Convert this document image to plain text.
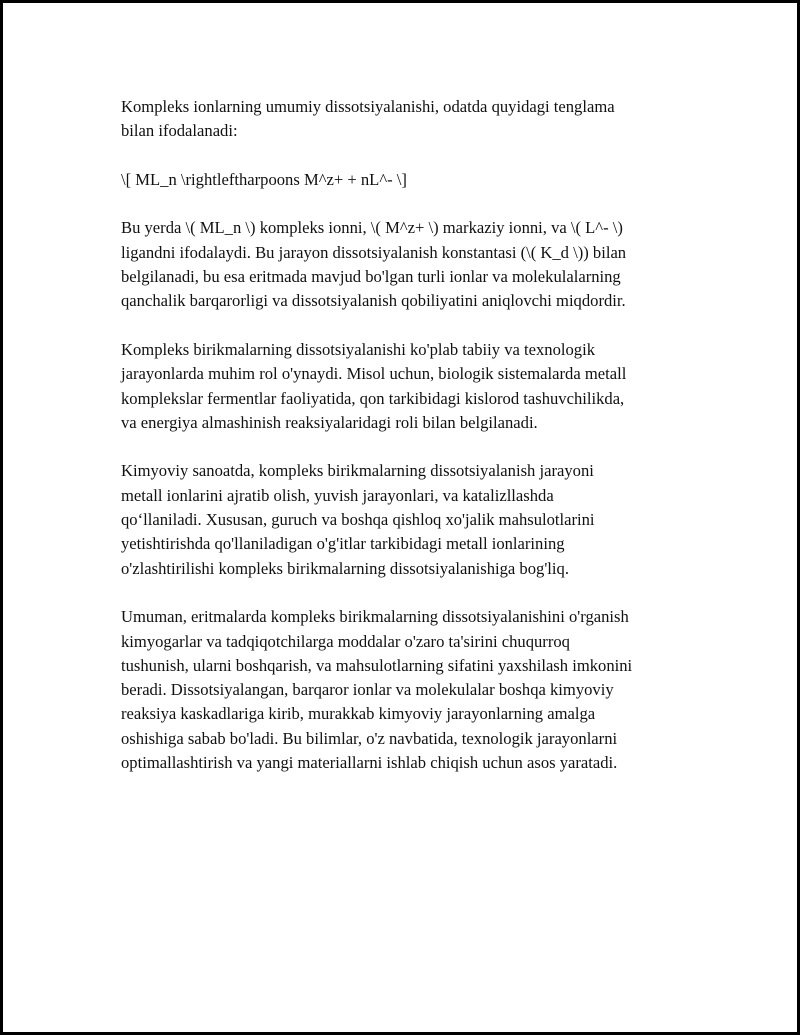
Kompleks ionlarning umumiy dissotsiyalanishi, odatda quyidagi tenglama
bilan ifodalanadi:

\[ ML_n \rightleftharpoons M^z+ + nL^- \]

Bu yerda \( ML_n \) kompleks ionni, \( M^z+ \) markaziy ionni, va \( L^- \)
ligandni ifodalaydi. Bu jarayon dissotsiyalanish konstantasi (\( K_d \)) bilan
belgilanadi, bu esa eritmada mavjud bo'lgan turli ionlar va molekulalarning
qanchalik barqarorligi va dissotsiyalanish qobiliyatini aniqlovchi miqdordir.

Kompleks birikmalarning dissotsiyalanishi ko'plab tabiiy va texnologik
jarayonlarda muhim rol o'ynaydi. Misol uchun, biologik sistemalarda metall
komplekslar fermentlar faoliyatida, qon tarkibidagi kislorod tashuvchilikda,
va energiya almashinish reaksiyalaridagi roli bilan belgilanadi.

Kimyoviy sanoatda, kompleks birikmalarning dissotsiyalanish jarayoni
metall ionlarini ajratib olish, yuvish jarayonlari, va katalizllashda
qo‘llaniladi. Xususan, guruch va boshqa qishloq xo'jalik mahsulotlarini
yetishtirishda qo'llaniladigan o'g'itlar tarkibidagi metall ionlarining
o'zlashtirilishi kompleks birikmalarning dissotsiyalanishiga bog'liq.

Umuman, eritmalarda kompleks birikmalarning dissotsiyalanishini o'rganish
kimyogarlar va tadqiqotchilarga moddalar o'zaro ta'sirini chuqurroq
tushunish, ularni boshqarish, va mahsulotlarning sifatini yaxshilash imkonini
beradi. Dissotsiyalangan, barqaror ionlar va molekulalar boshqa kimyoviy
reaksiya kaskadlariga kirib, murakkab kimyoviy jarayonlarning amalga
oshishiga sabab bo'ladi. Bu bilimlar, o'z navbatida, texnologik jarayonlarni
optimallashtirish va yangi materiallarni ishlab chiqish uchun asos yaratadi.
